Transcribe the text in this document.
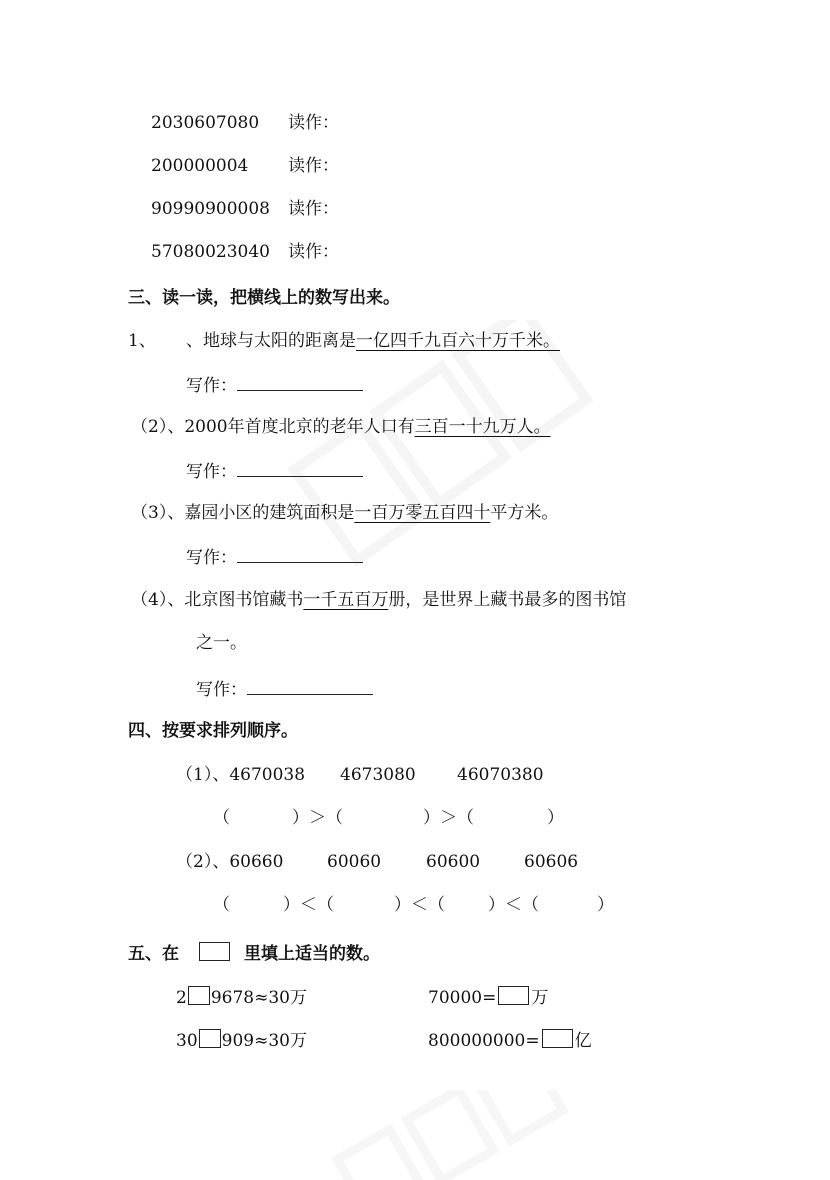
2030607080 读作：
200000004 读作：
90990900008 读作：
57080023040 读作：
三、读一读，把横线上的数写出来。
1、 、地球与太阳的距离是一亿四千九百六十万千米。
写作：
（2）、2000年首度北京的老年人口有三百一十九万人。
写作：
（3）、嘉园小区的建筑面积是一百万零五百四十平方米。
写作：
（4）、北京图书馆藏书一千五百万册，是世界上藏书最多的图书馆
之一。
写作：
四、按要求排列顺序。
（1）、4670038 4673080 46070380
（	）＞（	）＞（	）
（2）、60660	60060	60600	60606
（	）＜（	）＜（	）＜（	）
五、在	里填上适当的数。
2 9678≈30万	70000= 万
30 909≈30万	800000000= 亿
